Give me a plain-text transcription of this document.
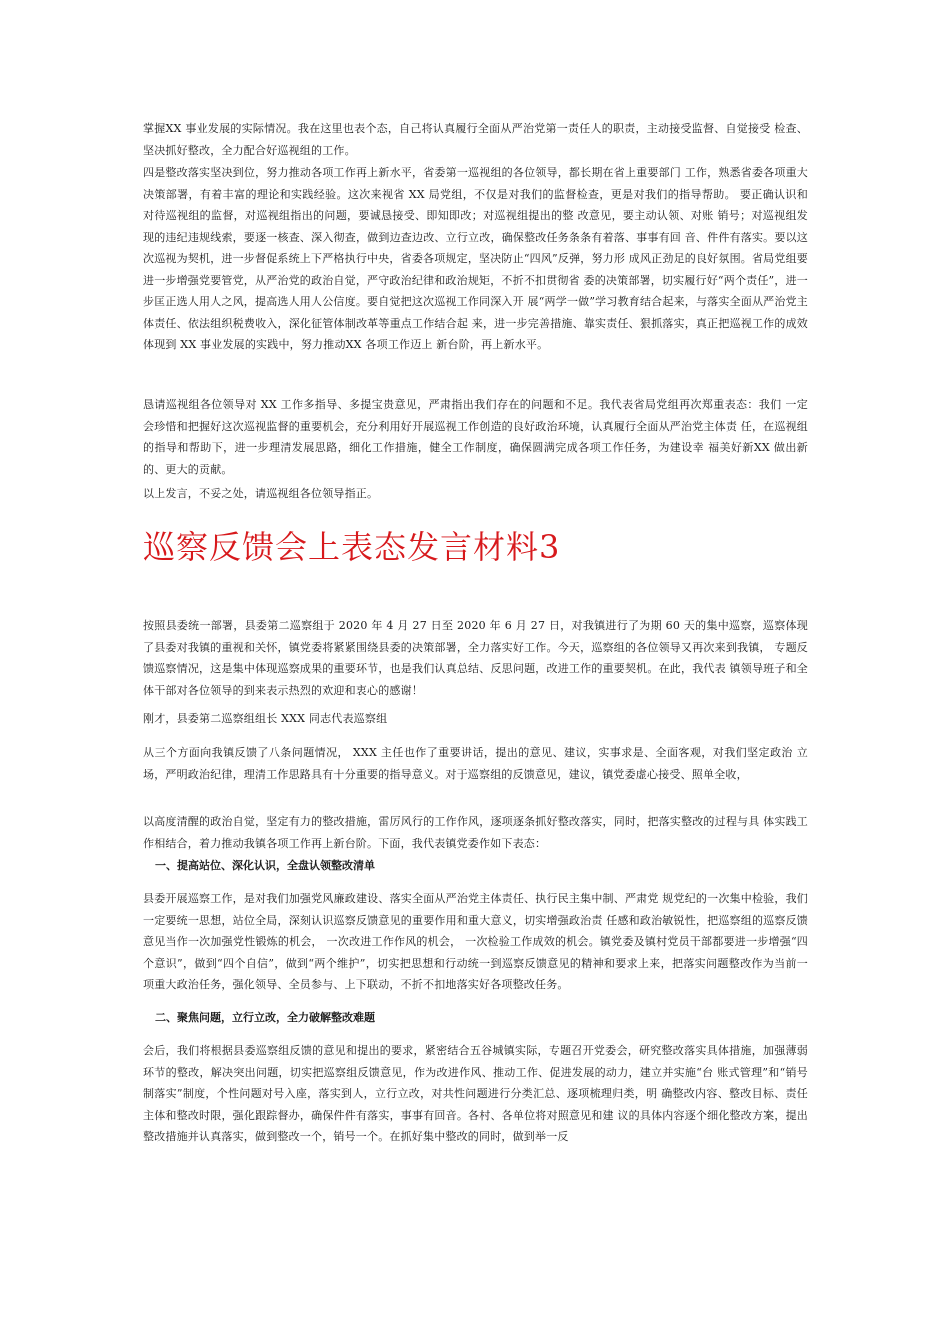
掌握XX 事业发展的实际情况。我在这里也表个态，自己将认真履行全面从严治党第一责任人的职责，主动接受监督、自觉接受 检查、坚决抓好整改，全力配合好巡视组的工作。

四是整改落实坚决到位，努力推动各项工作再上新水平，省委第一巡视组的各位领导，都长期在省上重要部门 工作，熟悉省委各项重大决策部署，有着丰富的理论和实践经验。这次来视省 XX 局党组，不仅是对我们的监督检查，更是对我们的指导帮助。 要正确认识和对待巡视组的监督，对巡视组指出的问题，要诚恳接受、即知即改；对巡视组提出的整 改意见，要主动认领、对账 销号；对巡视组发现的违纪违规线索，要逐一核查、深入彻查，做到边查边改、立行立改，确保整改任务条条有着落、事事有回 音、件件有落实。要以这次巡视为契机，进一步督促系统上下严格执行中央，省委各项规定，坚决防止“四风”反弹，努力形 成风正劲足的良好氛围。省局党组要进一步增强党要管党，从严治党的政治自觉，严守政治纪律和政治规矩，不折不扣贯彻省 委的决策部署，切实履行好“两个责任”，进一步匡正选人用人之风，提高选人用人公信度。要自觉把这次巡视工作同深入开 展“两学一做”学习教育结合起来，与落实全面从严治党主体责任、依法组织税费收入，深化征管体制改革等重点工作结合起 来，进一步完善措施、靠实责任、狠抓落实，真正把巡视工作的成效体现到 XX 事业发展的实践中，努力推动XX 各项工作迈上 新台阶，再上新水平。

恳请巡视组各位领导对 XX 工作多指导、多提宝贵意见，严肃指出我们存在的问题和不足。我代表省局党组再次郑重表态：我们 一定会珍惜和把握好这次巡视监督的重要机会，充分利用好开展巡视工作创造的良好政治环境，认真履行全面从严治党主体责 任，在巡视组的指导和帮助下，进一步理清发展思路，细化工作措施，健全工作制度，确保圆满完成各项工作任务，为建设幸 福美好新XX 做出新的、更大的贡献。

以上发言，不妥之处，请巡视组各位领导指正。

巡察反馈会上表态发言材料3

按照县委统一部署，县委第二巡察组于 2020 年 4 月 27 日至 2020 年 6 月 27 日，对我镇进行了为期 60 天的集中巡察，巡察体现 了县委对我镇的重视和关怀，镇党委将紧紧围绕县委的决策部署，全力落实好工作。今天，巡察组的各位领导又再次来到我镇， 专题反馈巡察情况，这是集中体现巡察成果的重要环节，也是我们认真总结、反思问题，改进工作的重要契机。在此，我代表 镇领导班子和全体干部对各位领导的到来表示热烈的欢迎和衷心的感谢！

刚才，县委第二巡察组组长 XXX 同志代表巡察组

从三个方面向我镇反馈了八条问题情况， XXX 主任也作了重要讲话，提出的意见、建议，实事求是、全面客观，对我们坚定政治 立场，严明政治纪律，理清工作思路具有十分重要的指导意义。对于巡察组的反馈意见，建议，镇党委虚心接受、照单全收，

以高度清醒的政治自觉，坚定有力的整改措施，雷厉风行的工作作风，逐项逐条抓好整改落实，同时，把落实整改的过程与具 体实践工作相结合，着力推动我镇各项工作再上新台阶。下面，我代表镇党委作如下表态：

一、提高站位、深化认识，全盘认领整改清单

县委开展巡察工作，是对我们加强党风廉政建设、落实全面从严治党主体责任、执行民主集中制、严肃党 规党纪的一次集中检验，我们一定要统一思想，站位全局，深刻认识巡察反馈意见的重要作用和重大意义，切实增强政治责 任感和政治敏锐性，把巡察组的巡察反馈意见当作一次加强党性锻炼的机会， 一次改进工作作风的机会， 一次检验工作成效的机会。镇党委及镇村党员干部都要进一步增强“四个意识”，做到“四个自信”，做到“两个维护”，切实把思想和行动统一到巡察反馈意见的精神和要求上来，把落实问题整改作为当前一项重大政治任务，强化领导、全员参与、上下联动，不折不扣地落实好各项整改任务。

二、聚焦问题，立行立改，全力破解整改难题

会后，我们将根据县委巡察组反馈的意见和提出的要求，紧密结合五谷城镇实际，专题召开党委会，研究整改落实具体措施，加强薄弱环节的整改，解决突出问题，切实把巡察组反馈意见，作为改进作风、推动工作、促进发展的动力，建立并实施“台 账式管理”和“销号制落实”制度，个性问题对号入座，落实到人，立行立改，对共性问题进行分类汇总、逐项梳理归类，明 确整改内容、整改目标、责任主体和整改时限，强化跟踪督办，确保件件有落实，事事有回音。各村、各单位将对照意见和建 议的具体内容逐个细化整改方案，提出整改措施并认真落实，做到整改一个，销号一个。在抓好集中整改的同时，做到举一反
